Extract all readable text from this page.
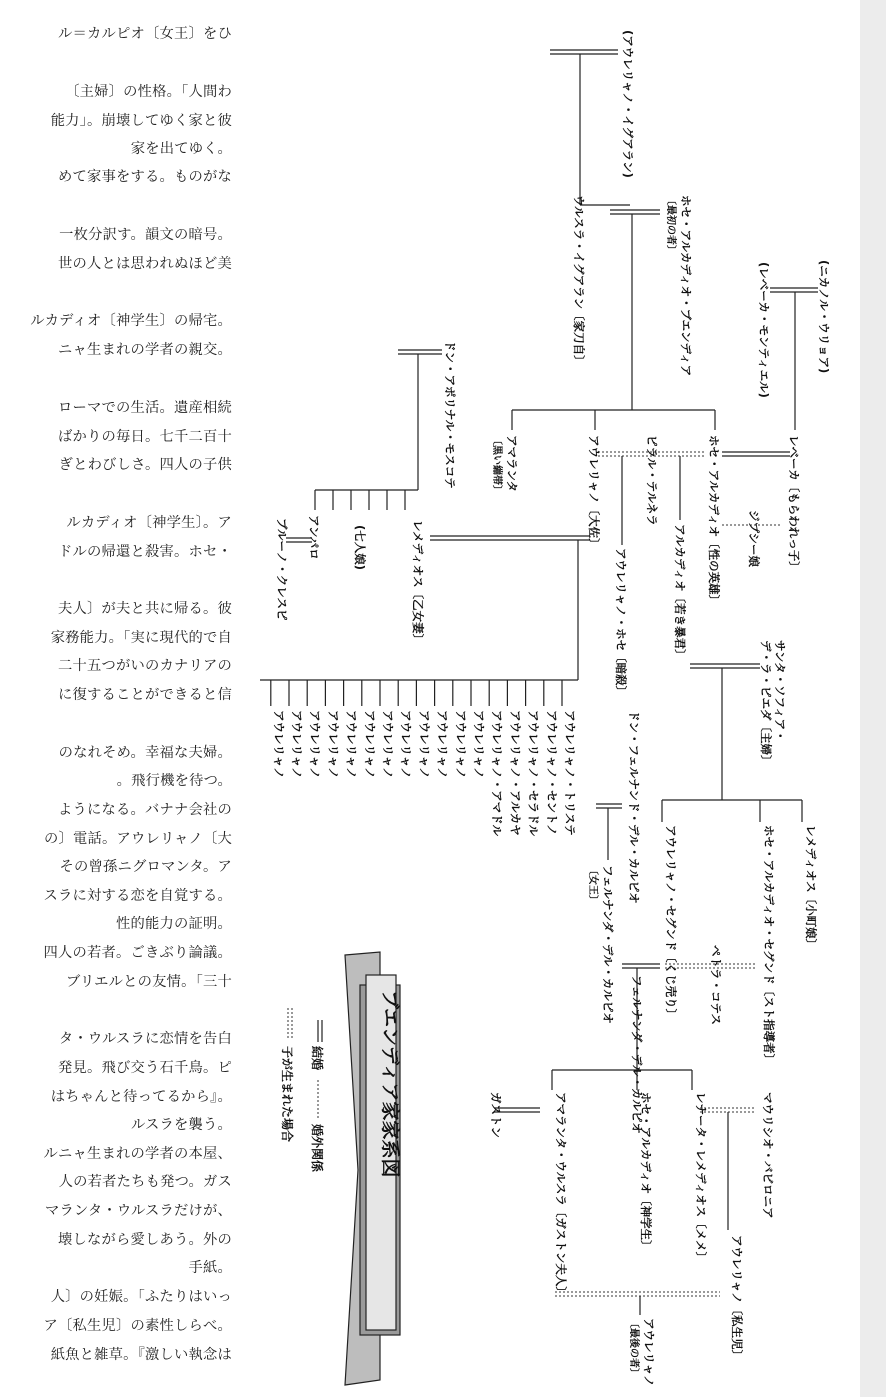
ル＝カルピオ〔女王〕をひ
〔主婦〕の性格。「人間わ
能力」。崩壊してゆく家と彼
家を出てゆく。
めて家事をする。ものがな
一枚分訳す。韻文の暗号。
世の人とは思われぬほど美
ルカディオ〔神学生〕の帰宅。
ニャ生まれの学者の親交。
ローマでの生活。遺産相続
ばかりの毎日。七千二百十
ぎとわびしさ。四人の子供
ルカディオ〔神学生〕。ア
ドルの帰還と殺害。ホセ・
夫人〕が夫と共に帰る。彼
家務能力。「実に現代的で自
二十五つがいのカナリアの
に復することができると信
のなれそめ。幸福な夫婦。
。飛行機を待つ。
ようになる。バナナ会社の
の〕電話。アウレリャノ〔大
その曾孫ニグロマンタ。ア
スラに対する恋を自覚する。
性的能力の証明。
四人の若者。ごきぶり論議。
ブリエルとの友情。「三十
タ・ウルスラに恋情を告白
発見。飛び交う石千鳥。ピ
はちゃんと待ってるから』。
ルスラを襲う。
ルニャ生まれの学者の本屋、
人の若者たちも発つ。ガス
マランタ・ウルスラだけが、
壊しながら愛しあう。外の
手紙。
人〕の妊娠。「ふたりはいっ
ア〔私生児〕の素性しらべ。
紙魚と雑草。『激しい執念は
ブエンディア家家系図
結婚
婚外関係
子が生まれた場合
(アウレリャノ・イグアラン)
ホセ・アルカディオ・ブエンディア
〔最初の者〕
ウルスラ・イグアラン〔家刀自〕	(ニカノル・ウリョア)
(レベーカ・モンティエル)
レベーカ〔もらわれっ子〕
ホセ・アルカディオ〔性の英雄〕
ピラル・テルネラ
アウレリャノ〔大佐〕
アマランタ
〔黒い繃帯〕
ジプシー娘
アルカディオ〔若き暴君〕
アウレリャノ・ホセ〔暗殺〕
ドン・アポリナル・モスコテ
レメディオス〔乙女妻〕
(七人娘)
アンパロ
ブルーノ・クレスピ
サンタ・ソフィア・
デ・ラ・ピエダ〔主婦〕
レメディオス〔小町娘〕
ホセ・アルカディオ・セグンド〔スト指導者〕
アウレリャノ・セグンド〔くじ売り〕	ペトラ・コテス
ドン・フェルナンド・デル・カルピオ
フェルナンダ・デル・カルピオ
〔女王〕
フェルナンダ・デル・カルピオ
マウリシオ・バビロニア
レナータ・レメディオス〔メメ〕
ホセ・アルカディオ〔神学生〕
アマランタ・ウルスラ〔ガストン夫人〕
ガストン
アウレリャノ〔私生児〕
アウレリャノ
〔最後の者〕
アウレリャノ・トリステ
アウレリャノ・セントノ
アウレリャノ・セラドル
アウレリャノ・アルカヤ
アウレリャノ・アマドル
アウレリャノ
アウレリャノ
アウレリャノ
アウレリャノ
アウレリャノ
アウレリャノ
アウレリャノ
アウレリャノ
アウレリャノ
アウレリャノ
アウレリャノ
アウレリャノ
